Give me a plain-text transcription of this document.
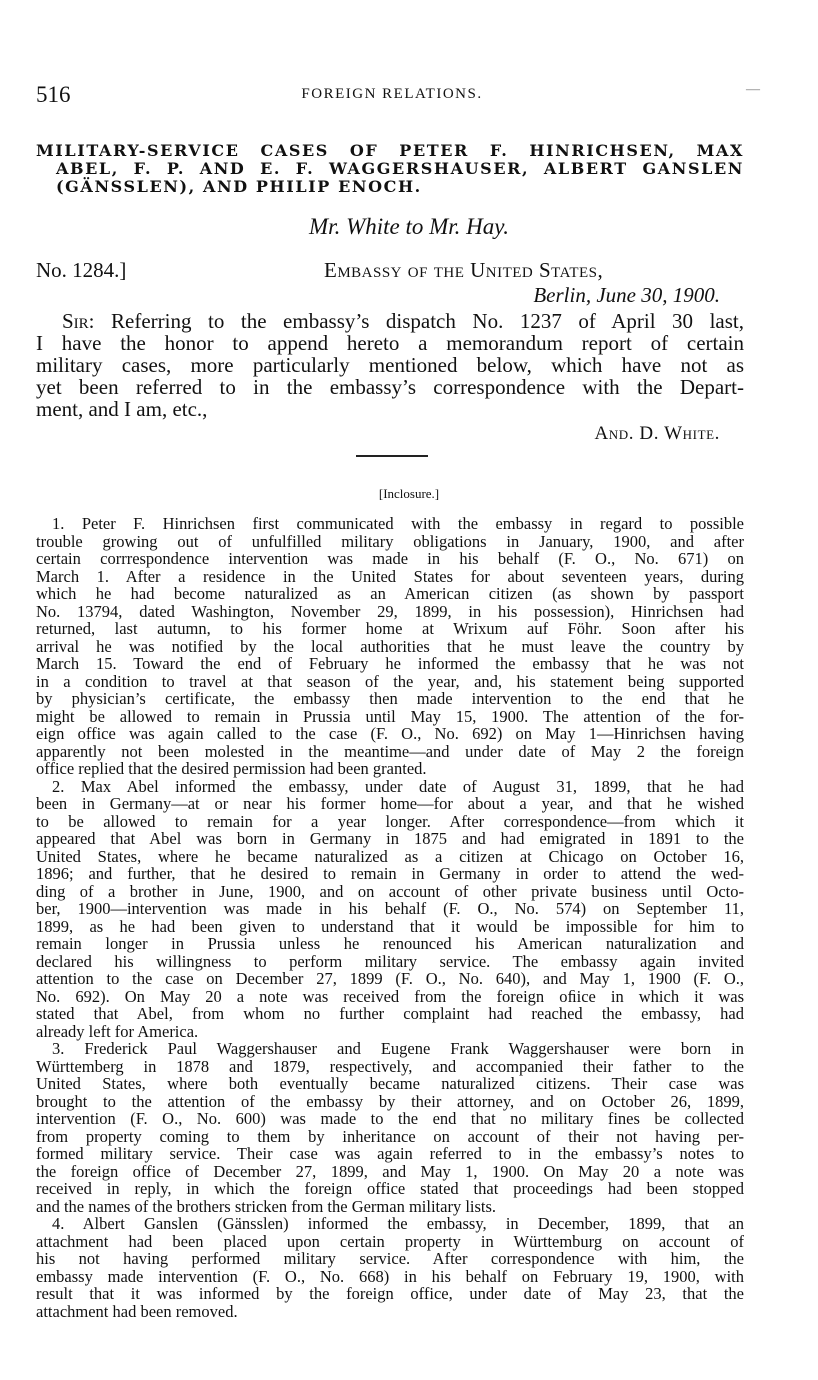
516	FOREIGN RELATIONS.	—
MILITARY-SERVICE CASES OF PETER F. HINRICHSEN, MAX
ABEL, F. P. AND E. F. WAGGERSHAUSER, ALBERT GANSLEN
(GÄNSSLEN), AND PHILIP ENOCH.
Mr. White to Mr. Hay.
No. 1284.]	Embassy of the United States,
Berlin, June 30, 1900.
Sir: Referring to the embassy’s dispatch No. 1237 of April 30 last,
I have the honor to append hereto a memorandum report of certain
military cases, more particularly mentioned below, which have not as
yet been referred to in the embassy’s correspondence with the Depart-
ment, and I am, etc.,
And. D. White.
[Inclosure.]
1. Peter F. Hinrichsen first communicated with the embassy in regard to possible
trouble growing out of unfulfilled military obligations in January, 1900, and after
certain corrrespondence intervention was made in his behalf (F. O., No. 671) on
March 1. After a residence in the United States for about seventeen years, during
which he had become naturalized as an American citizen (as shown by passport
No. 13794, dated Washington, November 29, 1899, in his possession), Hinrichsen had
returned, last autumn, to his former home at Wrixum auf Föhr. Soon after his
arrival he was notified by the local authorities that he must leave the country by
March 15. Toward the end of February he informed the embassy that he was not
in a condition to travel at that season of the year, and, his statement being supported
by physician’s certificate, the embassy then made intervention to the end that he
might be allowed to remain in Prussia until May 15, 1900. The attention of the for-
eign office was again called to the case (F. O., No. 692) on May 1—Hinrichsen having
apparently not been molested in the meantime—and under date of May 2 the foreign
office replied that the desired permission had been granted.
2. Max Abel informed the embassy, under date of August 31, 1899, that he had
been in Germany—at or near his former home—for about a year, and that he wished
to be allowed to remain for a year longer. After correspondence—from which it
appeared that Abel was born in Germany in 1875 and had emigrated in 1891 to the
United States, where he became naturalized as a citizen at Chicago on October 16,
1896; and further, that he desired to remain in Germany in order to attend the wed-
ding of a brother in June, 1900, and on account of other private business until Octo-
ber, 1900—intervention was made in his behalf (F. O., No. 574) on September 11,
1899, as he had been given to understand that it would be impossible for him to
remain longer in Prussia unless he renounced his American naturalization and
declared his willingness to perform military service. The embassy again invited
attention to the case on December 27, 1899 (F. O., No. 640), and May 1, 1900 (F. O.,
No. 692). On May 20 a note was received from the foreign oﬁice in which it was
stated that Abel, from whom no further complaint had reached the embassy, had
already left for America.
3. Frederick Paul Waggershauser and Eugene Frank Waggershauser were born in
Württemberg in 1878 and 1879, respectively, and accompanied their father to the
United States, where both eventually became naturalized citizens. Their case was
brought to the attention of the embassy by their attorney, and on October 26, 1899,
intervention (F. O., No. 600) was made to the end that no military fines be collected
from property coming to them by inheritance on account of their not having per-
formed military service. Their case was again referred to in the embassy’s notes to
the foreign office of December 27, 1899, and May 1, 1900. On May 20 a note was
received in reply, in which the foreign office stated that proceedings had been stopped
and the names of the brothers stricken from the German military lists.
4. Albert Ganslen (Gänsslen) informed the embassy, in December, 1899, that an
attachment had been placed upon certain property in Württemburg on account of
his not having performed military service. After correspondence with him, the
embassy made intervention (F. O., No. 668) in his behalf on February 19, 1900, with
result that it was informed by the foreign office, under date of May 23, that the
attachment had been removed.
